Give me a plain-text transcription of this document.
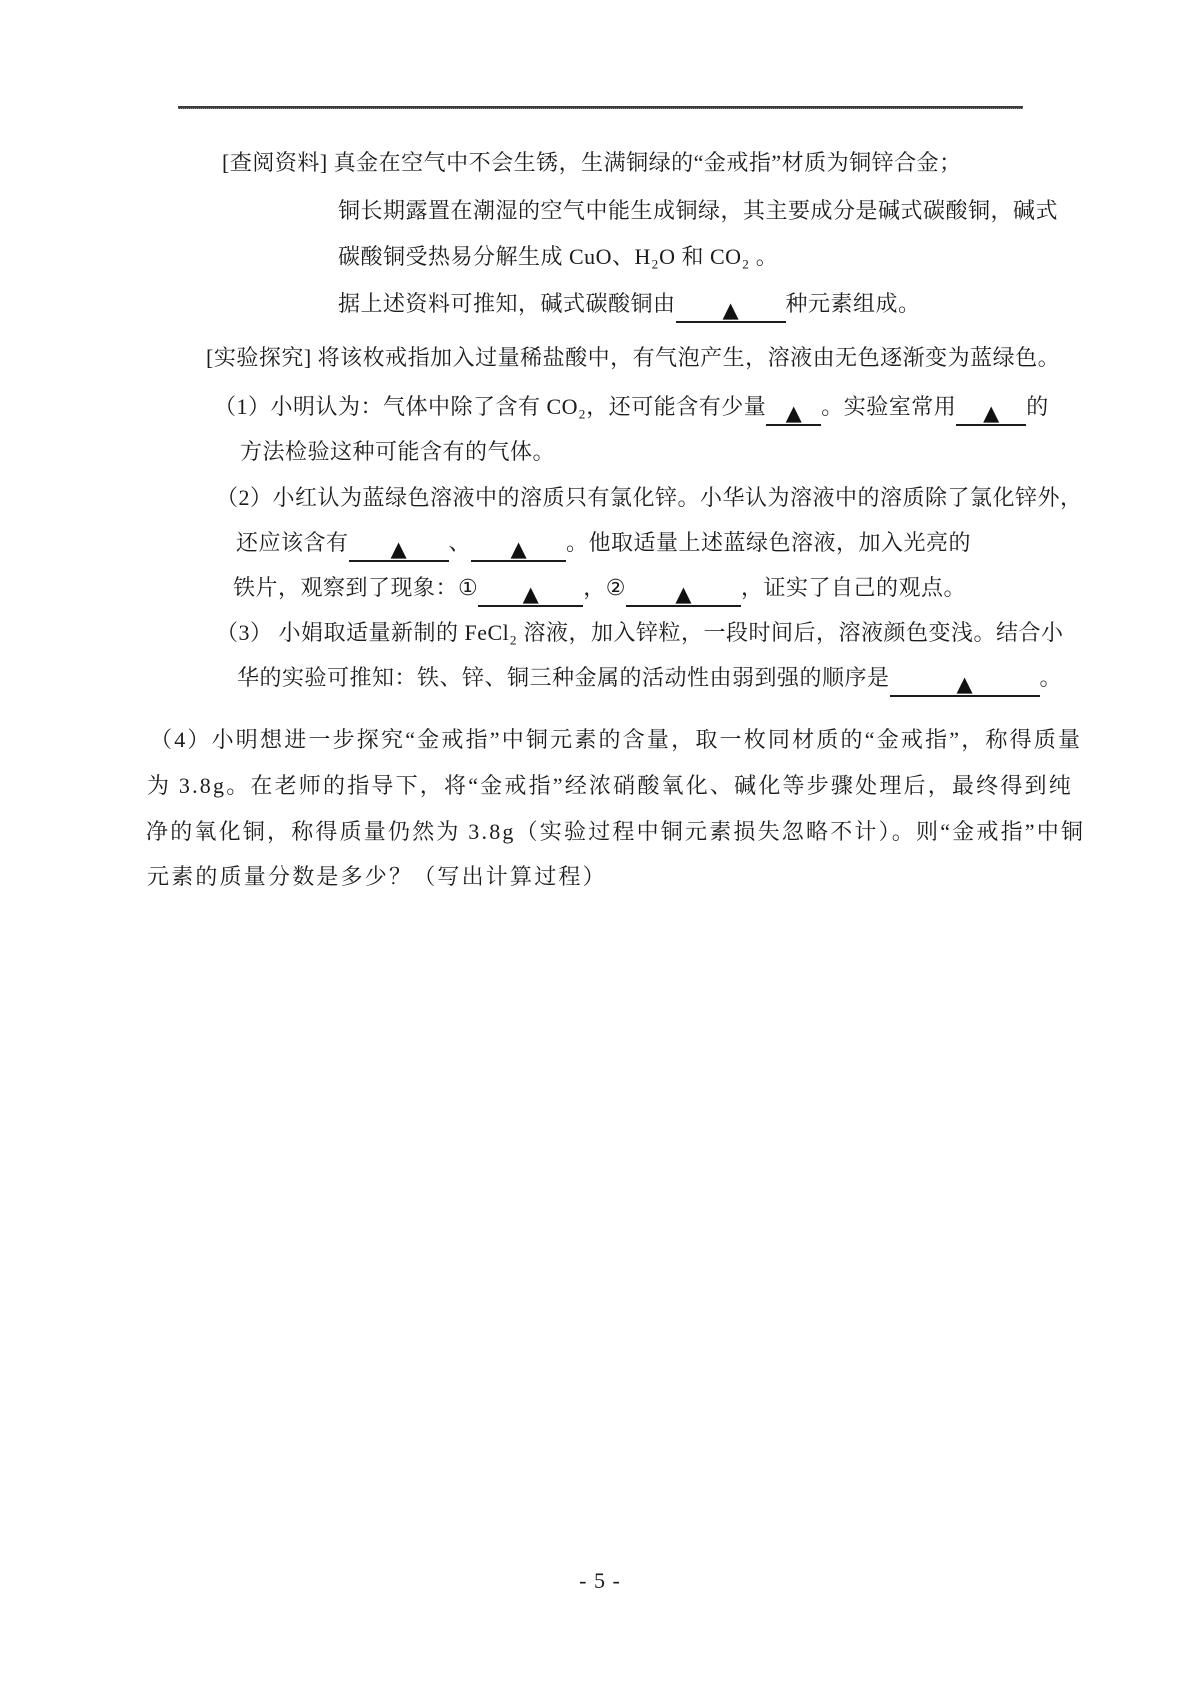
[查阅资料] 真金在空气中不会生锈，生满铜绿的“金戒指”材质为铜锌合金；
铜长期露置在潮湿的空气中能生成铜绿，其主要成分是碱式碳酸铜，碱式
碳酸铜受热易分解生成 CuO、H₂O 和 CO₂ 。
据上述资料可推知，碱式碳酸铜由 ▲ 种元素组成。
[实验探究] 将该枚戒指加入过量稀盐酸中，有气泡产生，溶液由无色逐渐变为蓝绿色。
（1）小明认为：气体中除了含有 CO₂，还可能含有少量 ▲ 。实验室常用 ▲ 的
方法检验这种可能含有的气体。
（2）小红认为蓝绿色溶液中的溶质只有氯化锌。小华认为溶液中的溶质除了氯化锌外，
还应该含有 ▲ 、 ▲ 。他取适量上述蓝绿色溶液，加入光亮的
铁片，观察到了现象：① ▲ ，② ▲ ，证实了自己的观点。
（3） 小娟取适量新制的 FeCl₂ 溶液，加入锌粒，一段时间后，溶液颜色变浅。结合小
华的实验可推知：铁、锌、铜三种金属的活动性由弱到强的顺序是	▲	。
（4）小明想进一步探究“金戒指”中铜元素的含量，取一枚同材质的“金戒指”，称得质量
为 3.8g。在老师的指导下，将“金戒指”经浓硝酸氧化、碱化等步骤处理后，最终得到纯
净的氧化铜，称得质量仍然为 3.8g（实验过程中铜元素损失忽略不计）。则“金戒指”中铜
元素的质量分数是多少？（写出计算过程）
- 5 -
